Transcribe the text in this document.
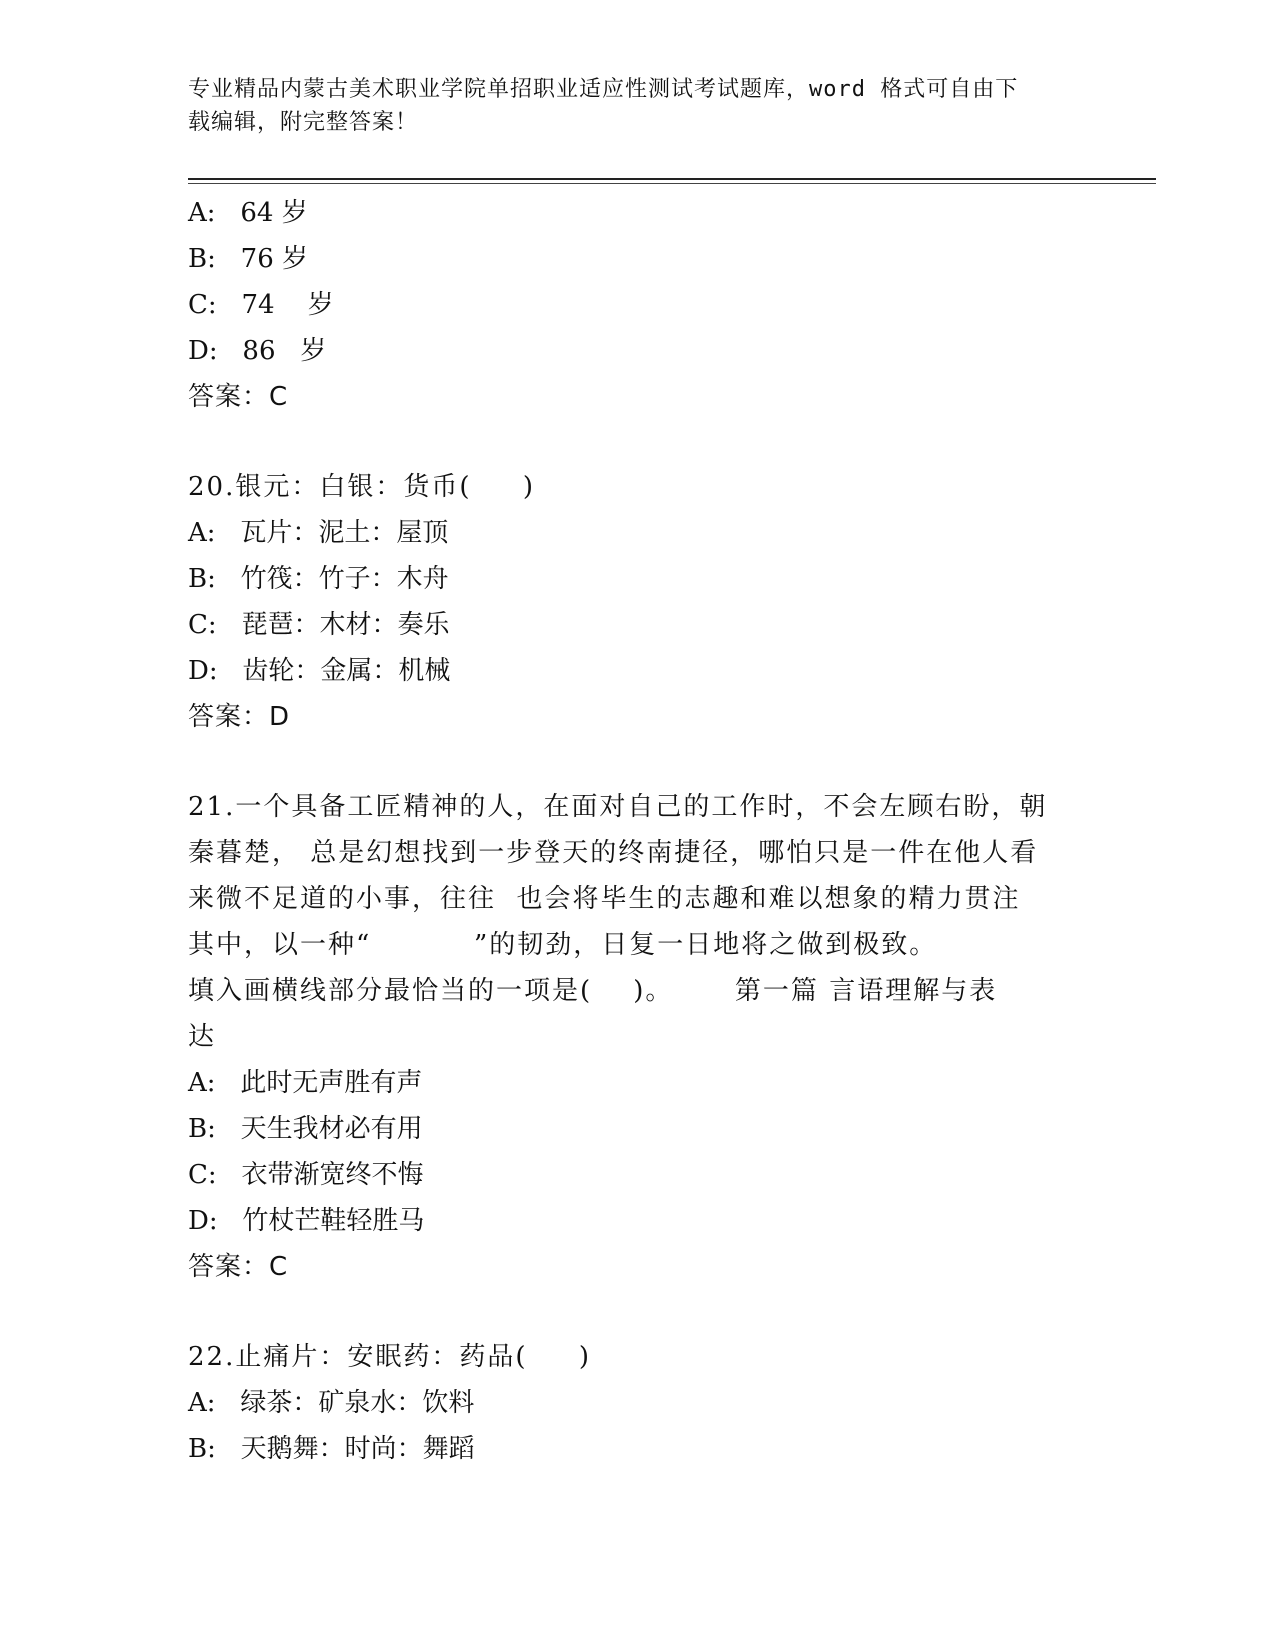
专业精品内蒙古美术职业学院单招职业适应性测试考试题库，word 格式可自由下
载编辑，附完整答案！
A:   64 岁
B:   76 岁
C:   74    岁
D:   86   岁
答案：C
20.银元：白银：货币(     )
A:   瓦片：泥土：屋顶
B:   竹筏：竹子：木舟
C:   琵琶：木材：奏乐
D:   齿轮：金属：机械
答案：D
21.一个具备工匠精神的人，在面对自己的工作时，不会左顾右盼，朝
秦暮楚， 总是幻想找到一步登天的终南捷径，哪怕只是一件在他人看
来微不足道的小事，往往  也会将毕生的志趣和难以想象的精力贯注
其中，以一种“          ”的韧劲，日复一日地将之做到极致。
填入画横线部分最恰当的一项是(    )。      第一篇 言语理解与表
达
A:   此时无声胜有声
B:   天生我材必有用
C:   衣带渐宽终不悔
D:   竹杖芒鞋轻胜马
答案：C
22.止痛片：安眠药：药品(     )
A:   绿茶：矿泉水：饮料
B:   天鹅舞：时尚：舞蹈
